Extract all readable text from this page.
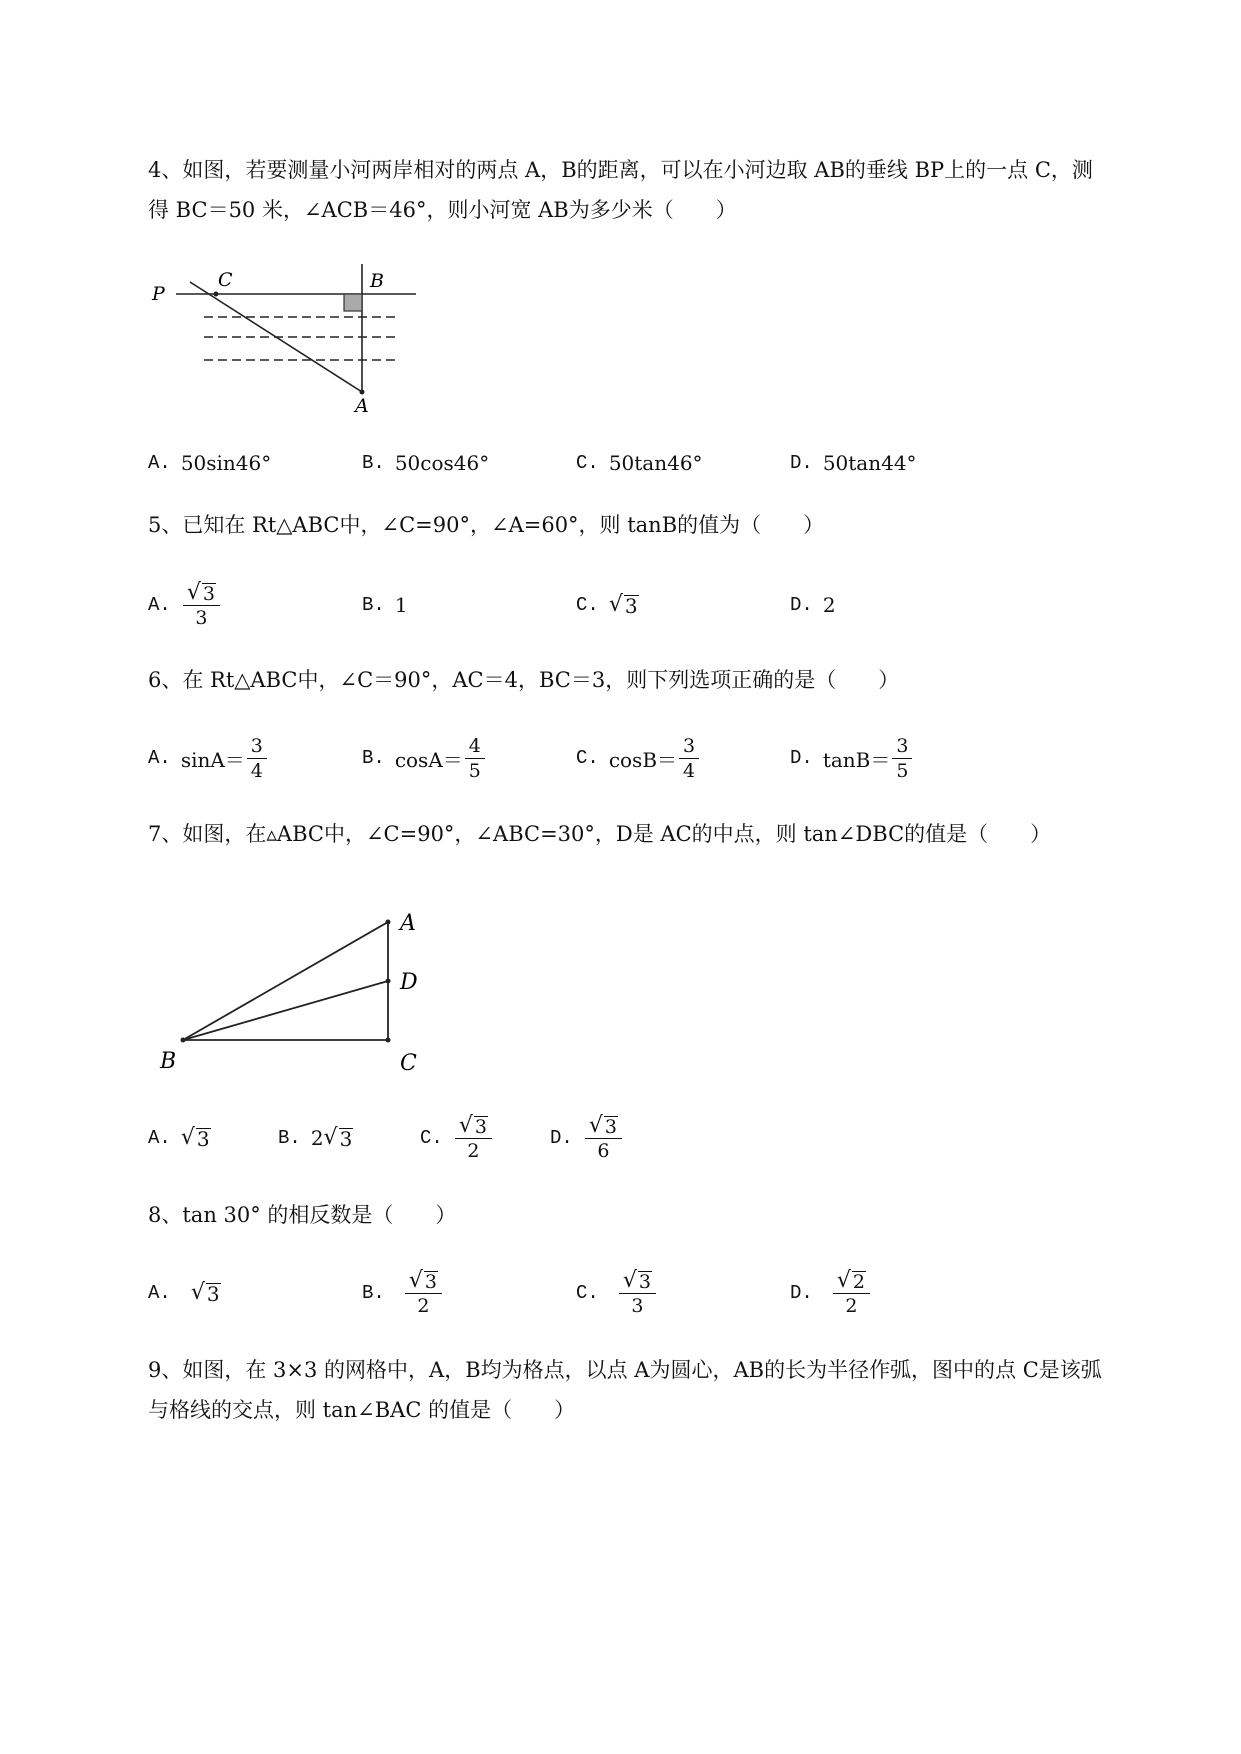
4、如图，若要测量小河两岸相对的两点 A，B的距离，可以在小河边取 AB的垂线 BP上的一点 C，测
得 BC＝50 米，∠ACB＝46°，则小河宽 AB为多少米（　　）

P
C	B
A
A. 50sin46°	B. 50cos46°	C. 50tan46°	D. 50tan44°

5、已知在 Rt△ABC中，∠C=90°，∠A=60°，则 tanB的值为（　　）

A. $\frac{√ 3}{3}$	B. 1	C. √ 3	D. 2

6、在 Rt△ABC中，∠C＝90°，AC＝4，BC＝3，则下列选项正确的是（　　）

A. $\sin A= \frac{3}{4}$	B. $\cos A= \frac{4}{5}$	C. $\cos B= \frac{3}{4}$	D. $\tan B= \frac{3}{5}$

7、如图，在▵ABC中，∠C=90°，∠ABC=30°，D是 AC的中点，则 tan∠DBC的值是（　　）

A
D
B	C
A. √ 3	B. 2 √ 3	C. $\frac{√ 3}{2}$	D. $\frac{√ 3}{6}$

8、tan 30° 的相反数是（　　）

A. √ 3	B. $\frac{√ 3}{2}$	C. $\frac{√ 3}{3}$	D. $\frac{√ 2}{2}$

9、如图，在 3×3 的网格中，A，B均为格点，以点 A为圆心，AB的长为半径作弧，图中的点 C是该弧
与格线的交点，则 tan∠BAC 的值是（　　）
